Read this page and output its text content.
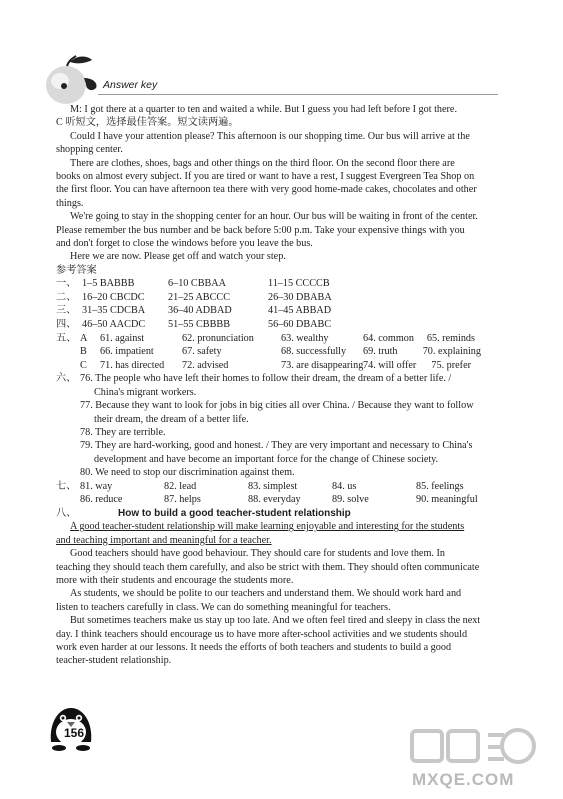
Answer key

M: I got there at a quarter to ten and waited a while. But I guess you had left before I got there.

C 听短文，选择最佳答案。短文读两遍。

Could I have your attention please? This afternoon is our shopping time. Our bus will arrive at the shopping center.

There are clothes, shoes, bags and other things on the third floor. On the second floor there are books on almost every subject. If you are tired or want to have a rest, I suggest Evergreen Tea Shop on the first floor. You can have afternoon tea there with very good home-made cakes, chocolates and other things.

We're going to stay in the shopping center for an hour. Our bus will be waiting in front of the center. Please remember the bus number and be back before 5:00 p.m. Take your expensive things with you and don't forget to close the windows before you leave the bus.

Here we are now. Please get off and watch your step.

参考答案

一、 1–5 BABBB	6–10 CBBAA	11–15 CCCCB
二、 16–20 CBCDC	21–25 ABCCC	26–30 DBABA
三、 31–35 CDCBA	36–40 ADBAD	41–45 ABBAD
四、 46–50 AACDC	51–55 CBBBB	56–60 DBABC
五、 A	61. against	62. pronunciation	63. wealthy	64. common 65. reminds
B	66. impatient	67. safety	68. successfully	69. truth 70. explaining
C	71. has directed	72. advised	73. are disappearing 74. will offer 75. prefer
六、 76. The people who have left their homes to follow their dream, the dream of a better life. / China's migrant workers.

77. Because they want to look for jobs in big cities all over China. / Because they want to follow their dream, the dream of a better life.

78. They are terrible.

79. They are hard-working, good and honest. / They are very important and necessary to China's development and have become an important force for the change of Chinese society.

80. We need to stop our discrimination against them.

七、 81. way	82. lead	83. simplest	84. us	85. feelings
86. reduce	87. helps	88. everyday	89. solve	90. meaningful
八、	How to build a good teacher-student relationship

A good teacher-student relationship will make learning enjoyable and interesting for the students and teaching important and meaningful for a teacher.

Good teachers should have good behaviour. They should care for students and love them. In teaching they should teach them carefully, and also be strict with them. They should often communicate more with their students and encourage the students more.

As students, we should be polite to our teachers and understand them. We should work hard and listen to teachers carefully in class. We can do something meaningful for teachers.

But sometimes teachers make us stay up too late. And we often feel tired and sleepy in class the next day. I think teachers should encourage us to have more after-school activities and we students should work even harder at our lessons. It needs the efforts of both teachers and students to build a good teacher-student relationship.

156
MXQE.COM
